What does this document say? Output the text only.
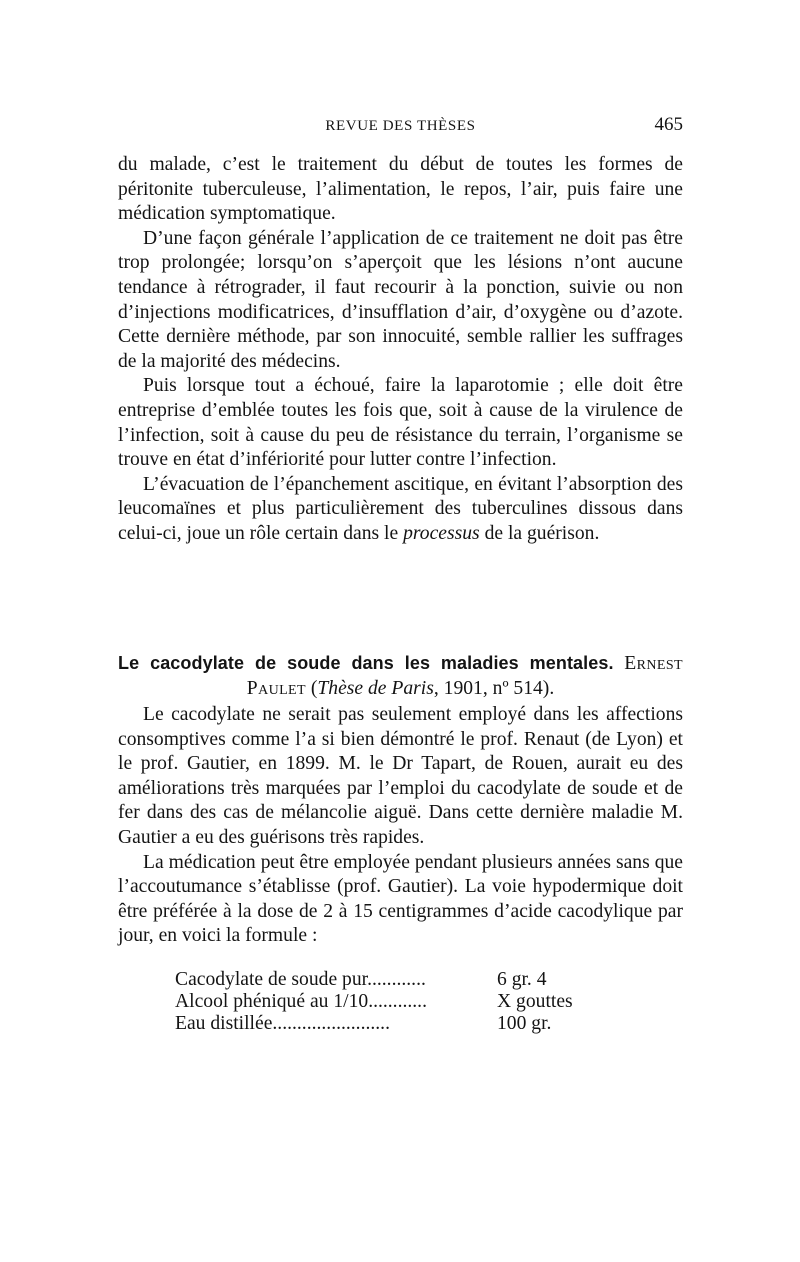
REVUE DES THÈSES	465

du malade, c’est le traitement du début de toutes les formes de péritonite tuberculeuse, l’alimentation, le repos, l’air, puis faire une médication symptomatique.

D’une façon générale l’application de ce traitement ne doit pas être trop prolongée; lorsqu’on s’aperçoit que les lésions n’ont aucune tendance à rétrograder, il faut recourir à la ponction, suivie ou non d’injections modificatrices, d’insufflation d’air, d’oxygène ou d’azote. Cette dernière méthode, par son innocuité, semble rallier les suffrages de la majorité des médecins.

Puis lorsque tout a échoué, faire la laparotomie ; elle doit être entreprise d’emblée toutes les fois que, soit à cause de la virulence de l’infection, soit à cause du peu de résistance du terrain, l’organisme se trouve en état d’infériorité pour lutter contre l’infection.

L’évacuation de l’épanchement ascitique, en évitant l’absorption des leucomaïnes et plus particulièrement des tuberculines dissous dans celui-ci, joue un rôle certain dans le processus de la guérison.

Le cacodylate de soude dans les maladies mentales. Ernest
Paulet (Thèse de Paris, 1901, nº 514).

Le cacodylate ne serait pas seulement employé dans les affections consomptives comme l’a si bien démontré le prof. Renaut (de Lyon) et le prof. Gautier, en 1899. M. le Dr Tapart, de Rouen, aurait eu des améliorations très marquées par l’emploi du cacodylate de soude et de fer dans des cas de mélancolie aiguë. Dans cette dernière maladie M. Gautier a eu des guérisons très rapides.

La médication peut être employée pendant plusieurs années sans que l’accoutumance s’établisse (prof. Gautier). La voie hypodermique doit être préférée à la dose de 2 à 15 centigrammes d’acide cacodylique par jour, en voici la formule :

Cacodylate de soude pur............	6 gr. 4
Alcool phéniqué au 1/10............	X gouttes
Eau distillée........................	100 gr.
